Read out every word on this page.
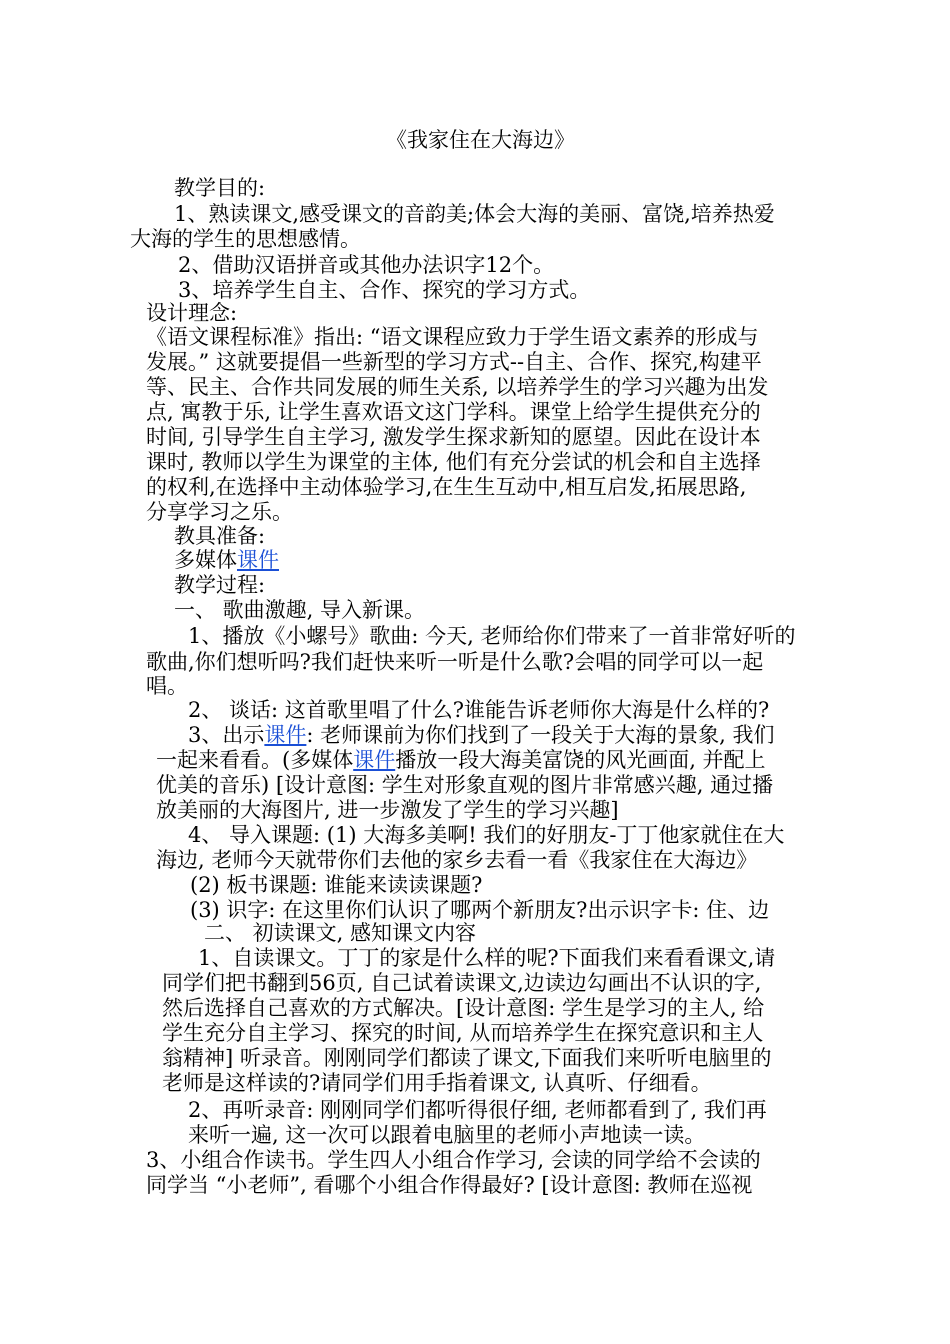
《我家住在大海边》
教学目的:
1、熟读课文,感受课文的音韵美;体会大海的美丽、富饶,培养热爱
大海的学生的思想感情。
2、借助汉语拼音或其他办法识字12个。
3、培养学生自主、合作、探究的学习方式。
设计理念:
《语文课程标准》指出: “语文课程应致力于学生语文素养的形成与
发展。” 这就要提倡一些新型的学习方式--自主、合作、探究,构建平
等、民主、合作共同发展的师生关系, 以培养学生的学习兴趣为出发
点, 寓教于乐, 让学生喜欢语文这门学科。课堂上给学生提供充分的
时间, 引导学生自主学习, 激发学生探求新知的愿望。因此在设计本
课时, 教师以学生为课堂的主体, 他们有充分尝试的机会和自主选择
的权利,在选择中主动体验学习,在生生互动中,相互启发,拓展思路,
分享学习之乐。
教具准备:
多媒体课件
教学过程:
一、 歌曲激趣, 导入新课。
1、播放《小螺号》歌曲: 今天, 老师给你们带来了一首非常好听的
歌曲,你们想听吗?我们赶快来听一听是什么歌?会唱的同学可以一起
唱。
2、 谈话: 这首歌里唱了什么?谁能告诉老师你大海是什么样的?
3、出示课件: 老师课前为你们找到了一段关于大海的景象, 我们
一起来看看。(多媒体课件播放一段大海美富饶的风光画面, 并配上
优美的音乐) [设计意图: 学生对形象直观的图片非常感兴趣, 通过播
放美丽的大海图片, 进一步激发了学生的学习兴趣]
4、 导入课题: (1) 大海多美啊! 我们的好朋友-丁丁他家就住在大
海边, 老师今天就带你们去他的家乡去看一看《我家住在大海边》
(2) 板书课题: 谁能来读读课题?
(3) 识字: 在这里你们认识了哪两个新朋友?出示识字卡: 住、边
二、 初读课文, 感知课文内容
1、自读课文。丁丁的家是什么样的呢?下面我们来看看课文,请
同学们把书翻到56页, 自己试着读课文,边读边勾画出不认识的字,
然后选择自己喜欢的方式解决。[设计意图: 学生是学习的主人, 给
学生充分自主学习、探究的时间, 从而培养学生在探究意识和主人
翁精神] 听录音。刚刚同学们都读了课文,下面我们来听听电脑里的
老师是这样读的?请同学们用手指着课文, 认真听、仔细看。
2、再听录音: 刚刚同学们都听得很仔细, 老师都看到了, 我们再
来听一遍, 这一次可以跟着电脑里的老师小声地读一读。
3、小组合作读书。学生四人小组合作学习, 会读的同学给不会读的
同学当 “小老师”, 看哪个小组合作得最好? [设计意图: 教师在巡视
